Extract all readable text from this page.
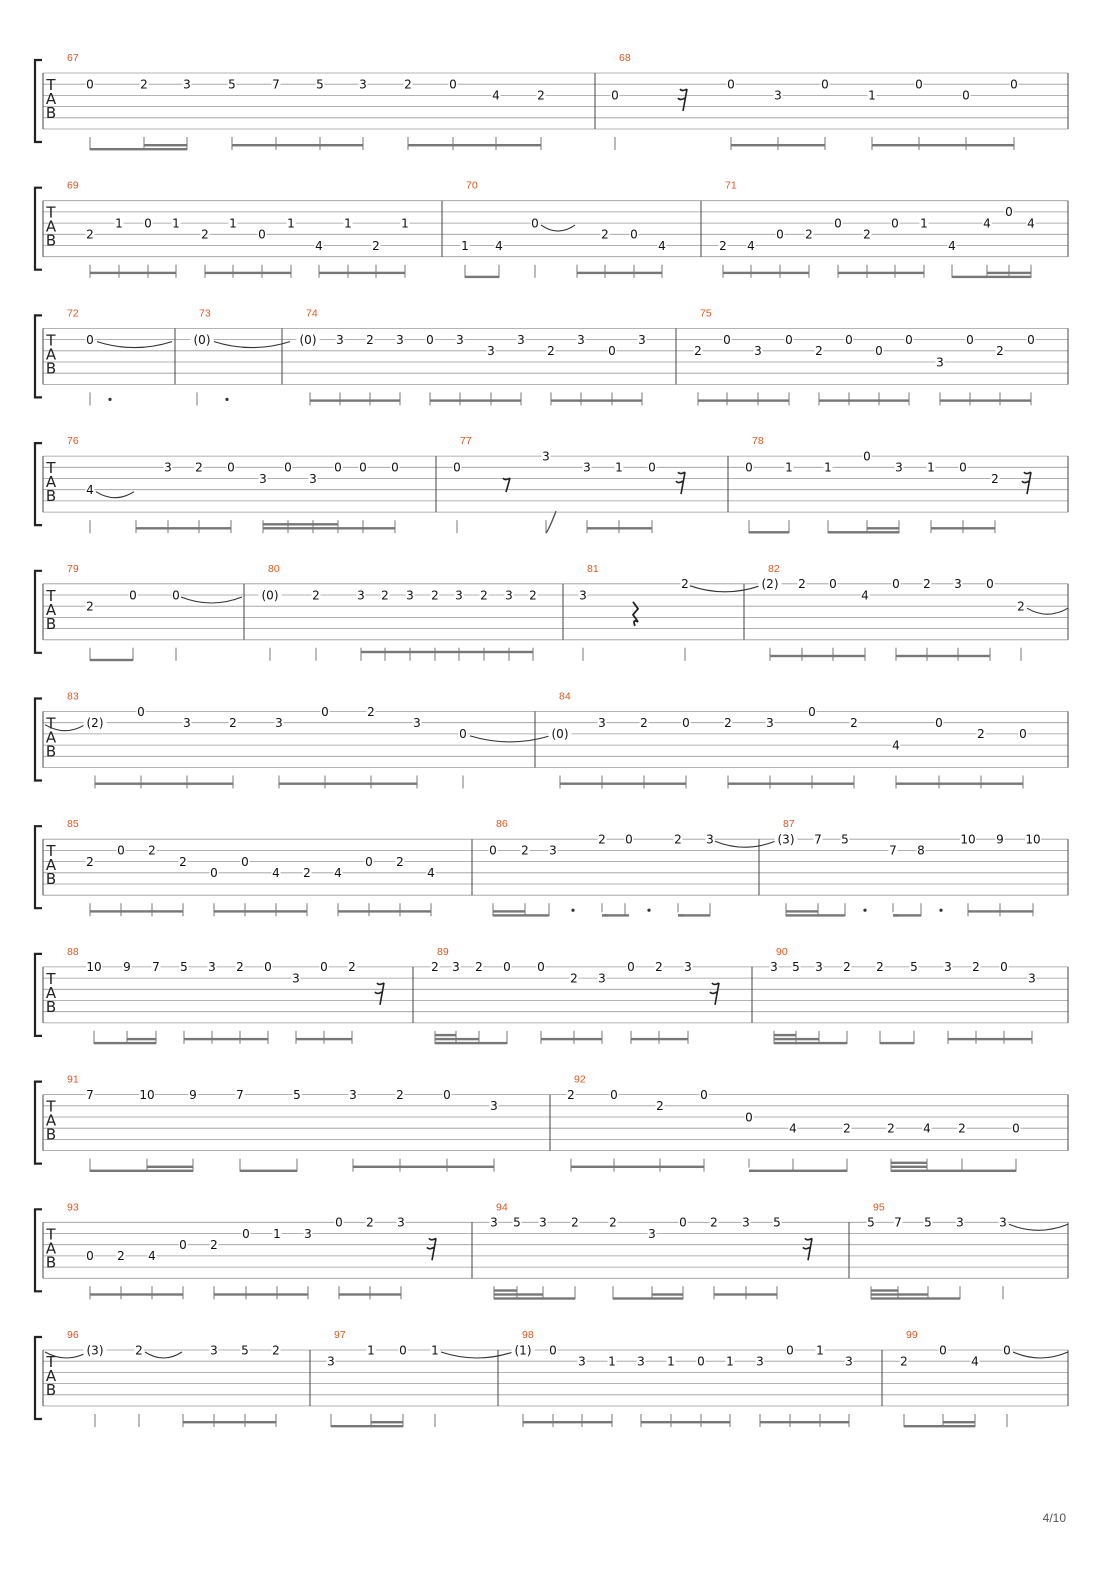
T
A
B
67
0	2	3	5	7	5	3	2	0
4	2
68
0
0
3
0
1
0
0
0
T
A
B
69
2
1 0 1
2
1
0
1
4
1
2
1
70
1 4
0
2 0
4
71
2 4
0 2
0
2
0 1
4
4
0
4
T
A
B
72
0
73
(0)
74
(0) 3 2 3 0 3
3
3
2
3
0
3
75
2
0
3
0
2
0
0
0
3
0
2
0
T
A
B
76
4
3 2 0
3
0
3
0 0 0
77
0
3
3 1 0
78
0	1	1
0
3 1 0
2
T
A
B
79
2
0	0
80
(0)	2	3 2 3 2 3 2 3 2
81
3
2
82
(2) 2 0
4
0 2 3 0
2
T
A
B
83
(2)
0
3	2	3
0	2
3
0
84
(0)
3	2	0	2	3
0
2
4
0
2	0
T
A
B
85
2
0 2
2
0
0
4 2 4
0 2
4
86
0 2 3
2 0	2 3
87
(3) 7 5
7 8
10 9 10
T
A
B
88
10 9 7 5 3 2 0
3
0 2
89
2 3 2 0 0
2 3
0 2 3
90
3 5 3 2 2 5 3 2 0
3
T
A
B
91
7	10	9	7	5	3	2	0
3
92
2	0
2
0
0
4	2	2 4 2	0
T
A
B
93
0 2 4
0 2
0 1 3
0 2 3
94
3 5 3 2	2
3
0 2 3 5
95
5 7 5 3	3
T
A
B
96
(3)	2	3 5 2
97
3
1 0 1
98
(1) 0
3 1 3 1 0 1 3
0 1
3
99
2
0
4
0
4/10
